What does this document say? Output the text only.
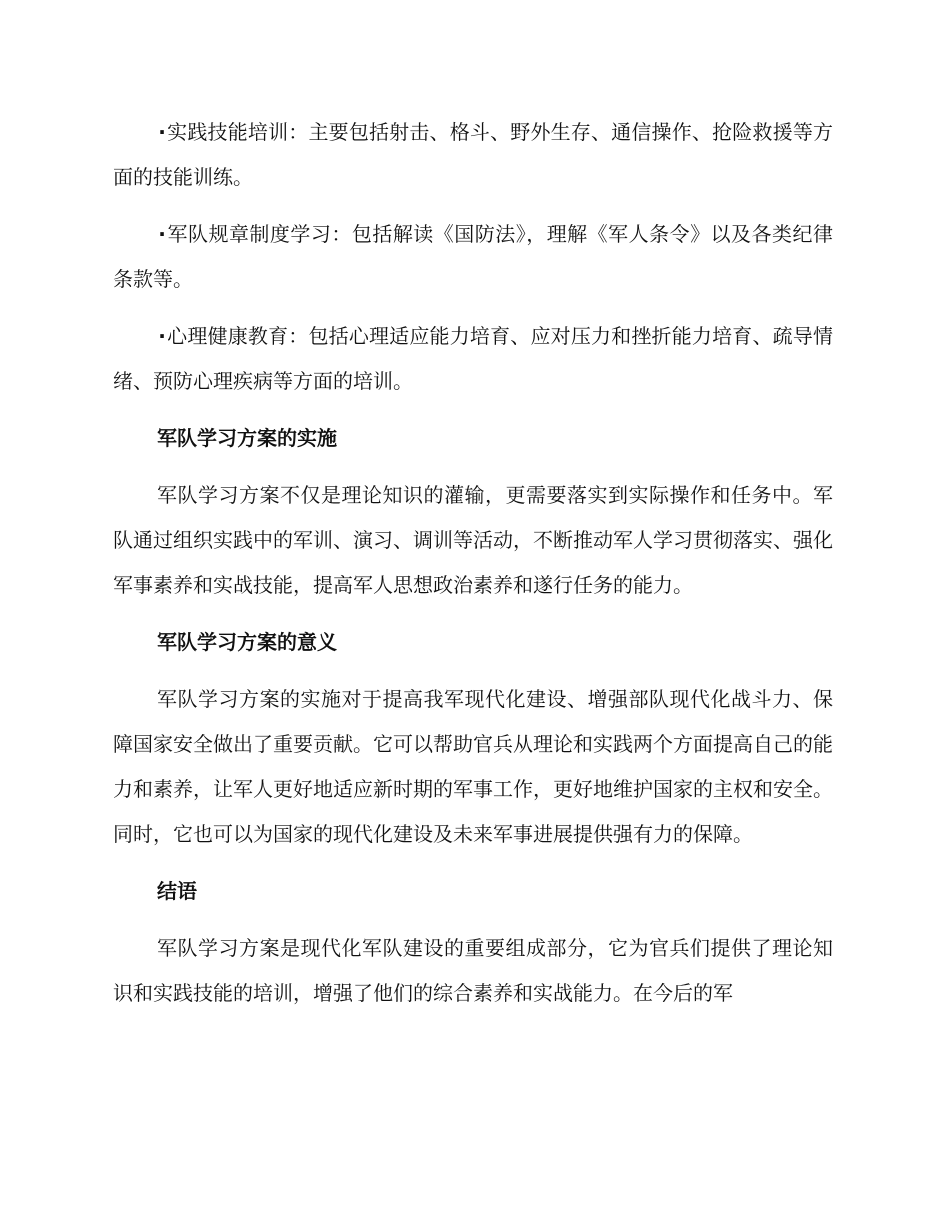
·实践技能培训：主要包括射击、格斗、野外生存、通信操作、抢险救援等方面的技能训练。

·军队规章制度学习：包括解读《国防法》，理解《军人条令》以及各类纪律条款等。

·心理健康教育：包括心理适应能力培育、应对压力和挫折能力培育、疏导情绪、预防心理疾病等方面的培训。

军队学习方案的实施

军队学习方案不仅是理论知识的灌输，更需要落实到实际操作和任务中。军队通过组织实践中的军训、演习、调训等活动，不断推动军人学习贯彻落实、强化军事素养和实战技能，提高军人思想政治素养和遂行任务的能力。

军队学习方案的意义

军队学习方案的实施对于提高我军现代化建设、增强部队现代化战斗力、保障国家安全做出了重要贡献。它可以帮助官兵从理论和实践两个方面提高自己的能力和素养，让军人更好地适应新时期的军事工作，更好地维护国家的主权和安全。同时，它也可以为国家的现代化建设及未来军事进展提供强有力的保障。

结语

军队学习方案是现代化军队建设的重要组成部分，它为官兵们提供了理论知识和实践技能的培训，增强了他们的综合素养和实战能力。在今后的军
